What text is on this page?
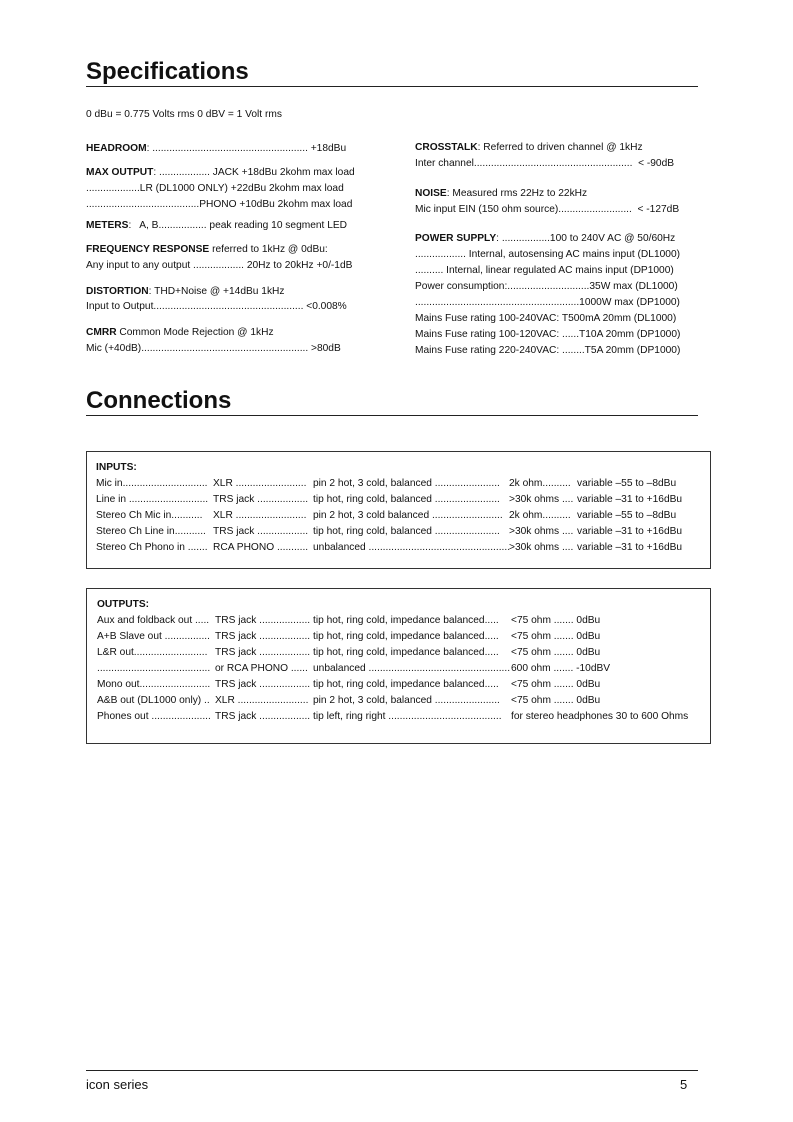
Specifications
0 dBu = 0.775 Volts rms 0 dBV = 1 Volt rms
HEADROOM: ....................................................... +18dBu
MAX OUTPUT: .................. JACK +18dBu 2kohm max load
...................LR (DL1000 ONLY) +22dBu 2kohm max load
........................................PHONO +10dBu 2kohm max load
METERS:   A, B................. peak reading 10 segment LED
FREQUENCY RESPONSE referred to 1kHz @ 0dBu:
Any input to any output .................. 20Hz to 20kHz +0/-1dB
DISTORTION: THD+Noise @ +14dBu 1kHz
Input to Output..................................................... <0.008%
CMRR Common Mode Rejection @ 1kHz
Mic (+40dB)........................................................... >80dB
CROSSTALK: Referred to driven channel @ 1kHz
Inter channel........................................................  < -90dB
NOISE: Measured rms 22Hz to 22kHz
Mic input EIN (150 ohm source)..........................  < -127dB
POWER SUPPLY: .................100 to 240V AC @ 50/60Hz
.................. Internal, autosensing AC mains input (DL1000)
.......... Internal, linear regulated AC mains input (DP1000)
Power consumption:.............................35W max (DL1000)
..........................................................1000W max (DP1000)
Mains Fuse rating 100-240VAC: T500mA 20mm (DL1000)
Mains Fuse rating 100-120VAC: ......T10A 20mm (DP1000)
Mains Fuse rating 220-240VAC: ........T5A 20mm (DP1000)
Connections
INPUTS:
Mic in.............................. XLR ......................... pin 2 hot, 3 cold, balanced ....................... 2k ohm.......... variable –55 to –8dBu
Line in ............................ TRS jack .................. tip hot, ring cold, balanced ....................... >30k ohms .... variable –31 to +16dBu
Stereo Ch Mic in........... XLR ......................... pin 2 hot, 3 cold balanced ......................... 2k ohm.......... variable –55 to –8dBu
Stereo Ch Line in........... TRS jack .................. tip hot, ring cold, balanced ....................... >30k ohms .... variable –31 to +16dBu
Stereo Ch Phono in ....... RCA PHONO ........... unbalanced ..................................................
>30k ohms .... variable –31 to +16dBu
OUTPUTS:
Aux and foldback out ..... TRS jack .................. tip hot, ring cold, impedance balanced..... <75 ohm ....... 0dBu
A+B Slave out ................ TRS jack .................. tip hot, ring cold, impedance balanced..... <75 ohm ....... 0dBu
L&R out.......................... TRS jack .................. tip hot, ring cold, impedance balanced..... <75 ohm ....... 0dBu
........................................ or RCA PHONO ...... unbalanced .................................................. 600 ohm ....... -10dBV
Mono out......................... TRS jack .................. tip hot, ring cold, impedance balanced..... <75 ohm ....... 0dBu
A&B out (DL1000 only) .. XLR ......................... pin 2 hot, 3 cold, balanced ....................... <75 ohm ....... 0dBu
Phones out ..................... TRS jack .................. tip left, ring right ........................................ for stereo headphones 30 to 600 Ohms
icon series	5
